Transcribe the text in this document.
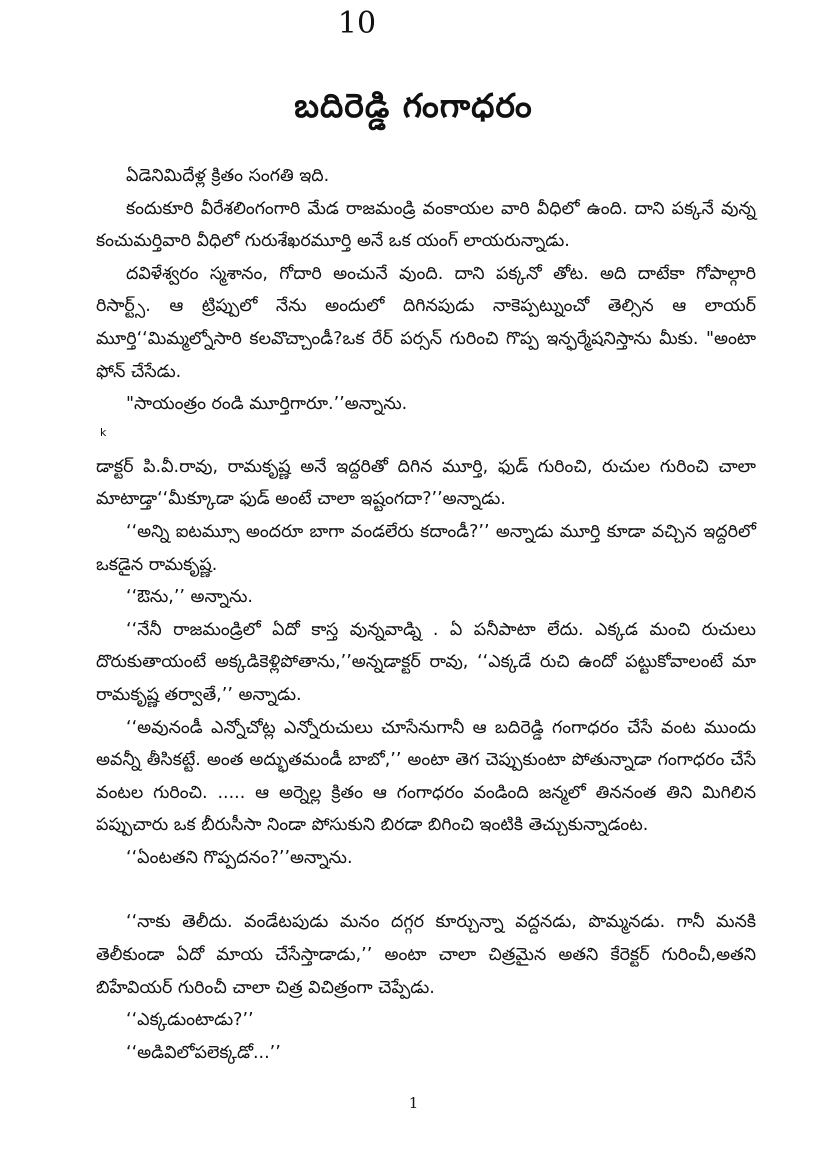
10
బదిరెడ్డి గంగాధరం

ఏడెనిమిదేళ్ల క్రితం సంగతి ఇది.

కందుకూరి వీరేశలింగంగారి మేడ రాజమండ్రి వంకాయల వారి వీధిలో ఉంది. దాని పక్కనే వున్న కంచుమర్తివారి వీధిలో గురుశేఖరమూర్తి అనే ఒక యంగ్ లాయరున్నాడు.

దవిళేశ్వరం స్మశానం, గోదారి అంచునే వుంది. దాని పక్కనో తోట. అది దాటేకా గోపాల్గారి రిసార్ట్స్. ఆ ట్రిప్పులో నేను అందులో దిగినపుడు నాకెప్పట్నుంచో తెల్సిన ఆ లాయర్ మూర్తి‘‘మిమ్మల్నోసారి కలవొచ్చాండీ?ఒక రేర్ పర్సన్ గురించి గొప్ప ఇన్ఫర్మేషనిస్తాను మీకు. "అంటా ఫోన్ చేసేడు.

"సాయంత్రం రండి మూర్తిగారూ.’’అన్నాను.

k

డాక్టర్ పి.వీ.రావు, రామకృష్ణ అనే ఇద్దరితో దిగిన మూర్తి, ఫుడ్ గురించి, రుచుల గురించి చాలా మాటాడ్తా‘‘మీక్కూడా ఫుడ్ అంటే చాలా ఇష్టంగదా?’’అన్నాడు.

‘‘అన్ని ఐటమ్సూ అందరూ బాగా వండలేరు కదాండీ?’’ అన్నాడు మూర్తి కూడా వచ్చిన ఇద్దరిలో ఒకడైన రామకృష్ణ.

‘‘ఔను,’’ అన్నాను.

‘‘నేనీ రాజమండ్రిలో ఏదో కాస్త వున్నవాడ్ని . ఏ పనీపాటా లేదు. ఎక్కడ మంచి రుచులు దొరుకుతాయంటే అక్కడికెళ్లిపోతాను,’’అన్నడాక్టర్ రావు, ‘‘ఎక్కడే రుచి ఉందో పట్టుకోవాలంటే మా రామకృష్ణ తర్వాతే,’’ అన్నాడు.

‘‘అవునండీ ఎన్నోచోట్ల ఎన్నోరుచులు చూసేనుగానీ ఆ బదిరెడ్డి గంగాధరం చేసే వంట ముందు అవన్నీ తీసికట్టే. అంత అద్భుతమండీ బాబో,’’ అంటా తెగ చెప్పుకుంటా పోతున్నాడా గంగాధరం చేసే వంటల గురించి. ..... ఆ అర్నెల్ల క్రితం ఆ గంగాధరం వండింది జన్మలో తిననంత తిని మిగిలిన పప్పుచారు ఒక బీరుసీసా నిండా పోసుకుని బిరడా బిగించి ఇంటికి తెచ్చుకున్నాడంట.

‘‘ఏంటతని గొప్పదనం?’’అన్నాను.

‘‘నాకు తెలీదు. వండేటపుడు మనం దగ్గర కూర్చున్నా వద్దనడు, పొమ్మనడు. గానీ మనకి తెలీకుండా ఏదో మాయ చేసేస్తాడాడు,’’ అంటా చాలా చిత్రమైన అతని కేరెక్టర్ గురించీ,అతని బిహేవియర్ గురించీ చాలా చిత్ర విచిత్రంగా చెప్పేడు.

‘‘ఎక్కడుంటాడు?’’

‘‘అడివిలోపలెక్కడో...’’

1
